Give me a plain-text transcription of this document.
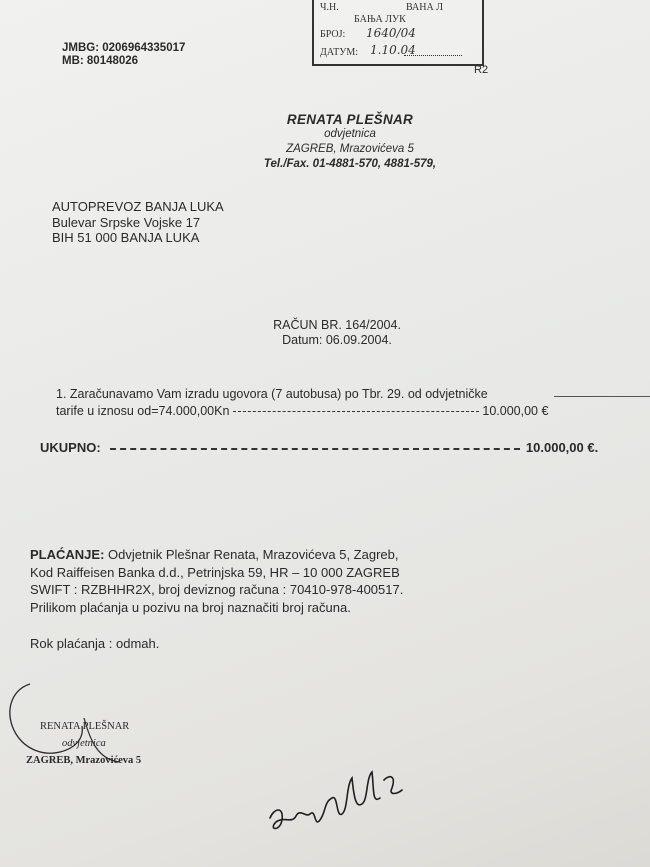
Ч.Н.	ВАНА Л
БАЊА ЛУК
БРОЈ: 1640/04
ДАТУМ: 1.10.04
R2
JMBG: 0206964335017
MB: 80148026
RENATA PLEŠNAR
odvjetnica
ZAGREB, Mrazovićeva 5
Tel./Fax. 01-4881-570, 4881-579,
AUTOPREVOZ BANJA LUKA
Bulevar Srpske Vojske 17
BIH 51 000 BANJA LUKA
RAČUN BR. 164/2004.
Datum: 06.09.2004.
1. Zaračunavamo Vam izradu ugovora (7 autobusa) po Tbr. 29. od odvjetničke
tarife u iznosu od=74.000,00Kn	10.000,00 €
UKUPNO:	10.000,00 €.
PLAĆANJE: Odvjetnik Plešnar Renata, Mrazovićeva 5, Zagreb,
Kod Raiffeisen Banka d.d., Petrinjska 59, HR – 10 000 ZAGREB
SWIFT : RZBHHR2X, broj deviznog računa : 70410-978-400517.
Prilikom plaćanja u pozivu na broj naznačiti broj računa.
Rok plaćanja : odmah.
RENATA PLEŠNAR
odvjetnica
ZAGREB, Mrazovićeva 5
